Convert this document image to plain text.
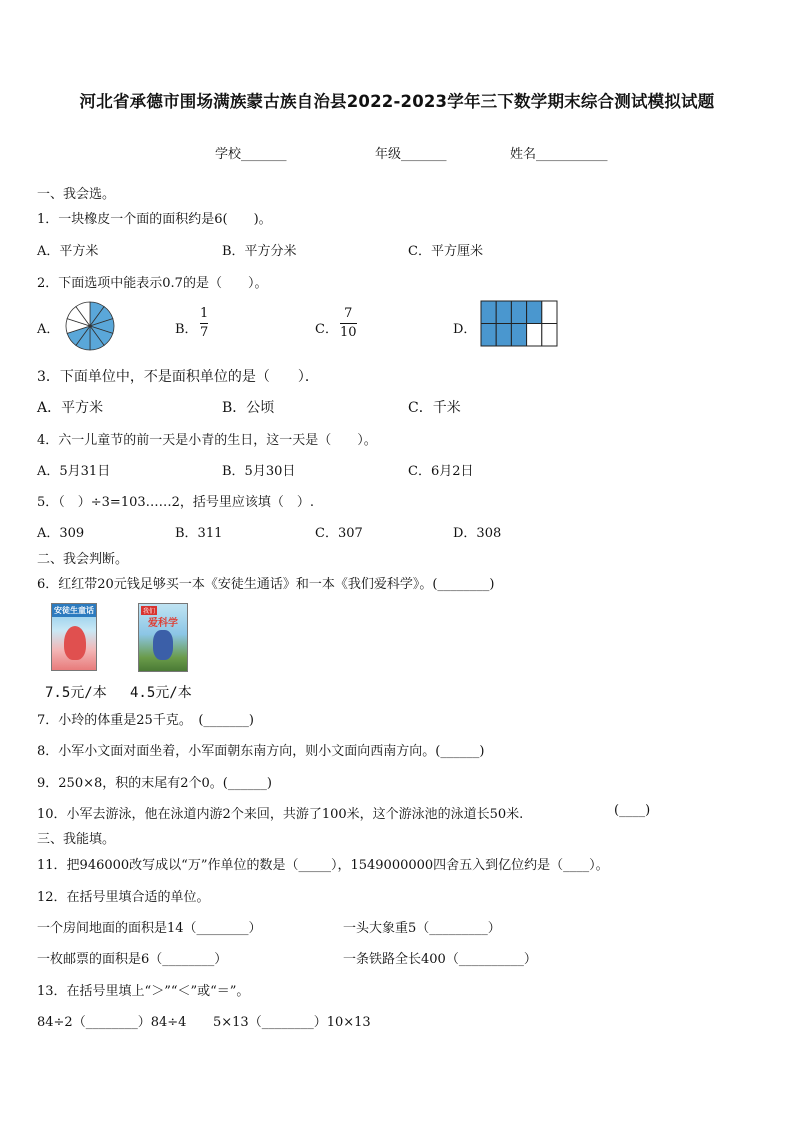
河北省承德市围场满族蒙古族自治县2022-2023学年三下数学期末综合测试模拟试题
学校_______	年级_______	姓名___________
一、我会选。
1．一块橡皮一个面的面积约是6(　　)。
A．平方米	B．平方分米	C．平方厘米
2．下面选项中能表示0.7的是（　　）。
A．	B． $\frac{1}{7}$	C． $\frac{7}{10}$	D．
3．下面单位中，不是面积单位的是（　　）．
A．平方米	B．公顷	C．千米
4．六一儿童节的前一天是小青的生日，这一天是（　　）。
A．5月31日	B．5月30日	C．6月2日
5．（　）÷3=103……2，括号里应该填（　）.
A．309	B．311	C．307	D．308
二、我会判断。
6．红红带20元钱足够买一本《安徒生通话》和一本《我们爱科学》。(________)
安徒生童话	我们
爱科学
7.5元/本 4.5元/本
7．小玲的体重是25千克。　(_______)
8．小军小文面对面坐着，小军面朝东南方向，则小文面向西南方向。(______)
9．250×8，积的末尾有2个0。(______)
10．小军去游泳，他在泳道内游2个来回，共游了100米，这个游泳池的泳道长50米.	(____)
三、我能填。
11．把946000改写成以“万”作单位的数是（_____），1549000000四舍五入到亿位约是（____）。
12．在括号里填合适的单位。
一个房间地面的面积是14（________）	一头大象重5（_________）
一枚邮票的面积是6（________）	一条铁路全长400（__________）
13．在括号里填上“＞”“＜”或“＝”。
84÷2（________）84÷4 5×13（________）10×13
